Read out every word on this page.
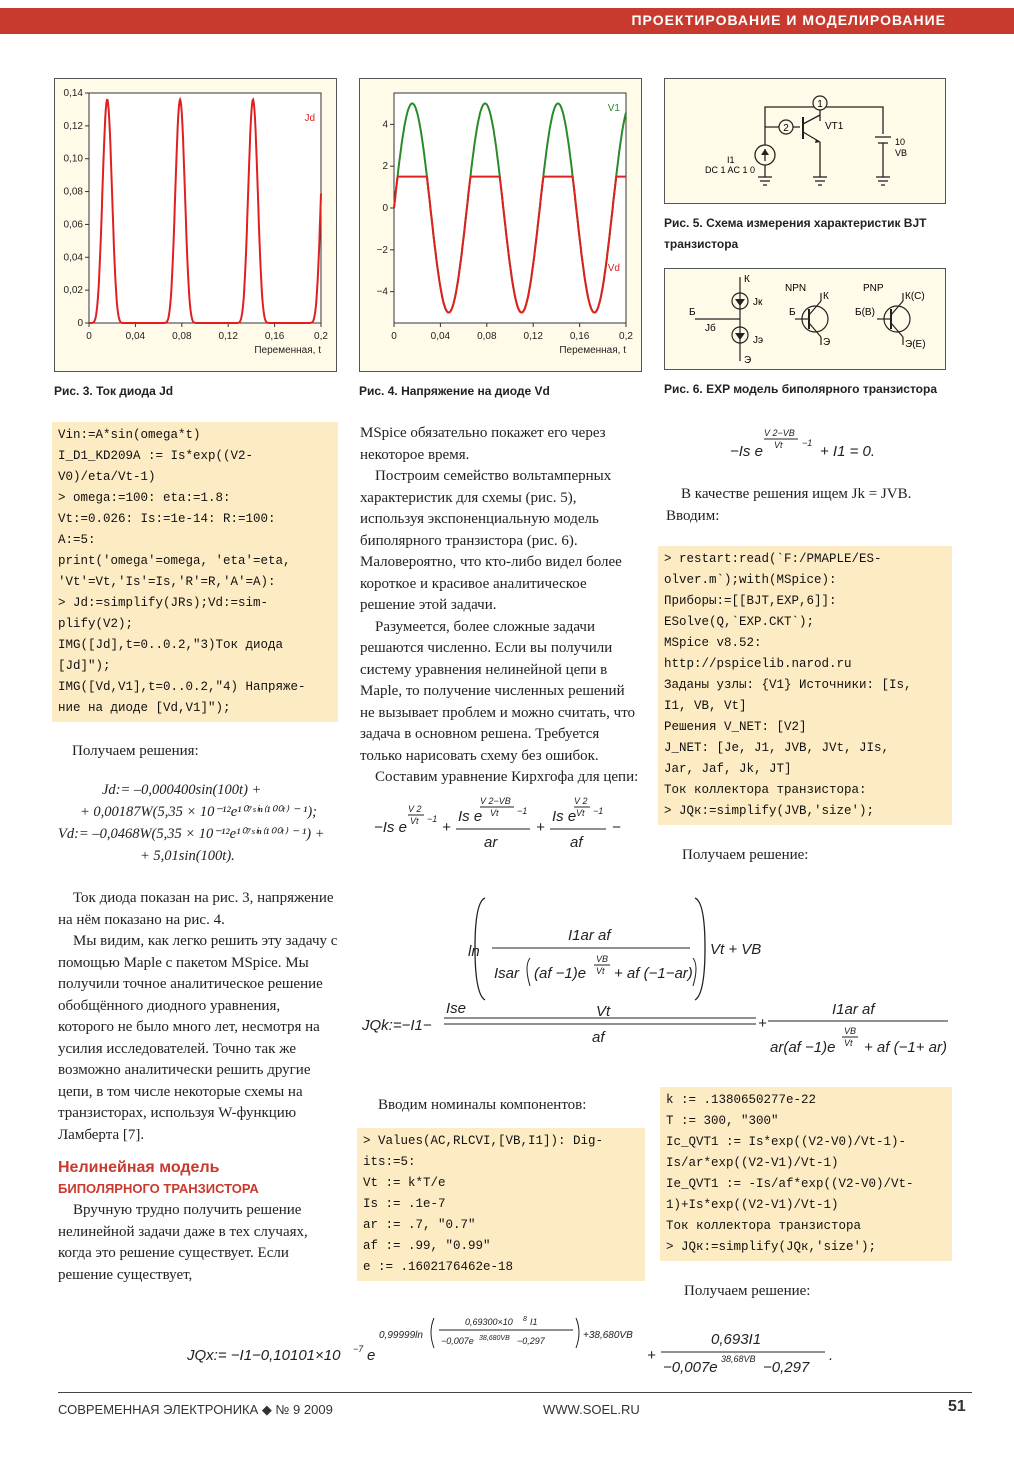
ПРОЕКТИРОВАНИЕ И МОДЕЛИРОВАНИЕ
0	0,04	0,08	0,12	0,16	0,2
0
0,02
0,04
0,06
0,08
0,10
0,12
0,14
Переменная, t
Jd
Рис. 3. Ток диода Jd
0	0,04	0,08	0,12	0,16	0,2
4
2
0
−2
−4
Переменная, t
V1
Vd
Рис. 4. Напряжение на диоде Vd
1
2	VT1
I1
DC 1 AC 1 0
10
VB
Рис. 5. Схема измерения характеристик BJT транзистора
К
Jк
Б
Jб
Jэ
Э
NPN
К
Б
Э
PNP
К(С)
Б(В)
Э(Е)
Рис. 6. EXP модель биполярного транзистора
Vin:=A*sin(omega*t)
I_D1_KD209A := Is*exp((V2-
V0)/eta/Vt-1)
> omega:=100: eta:=1.8:
Vt:=0.026: Is:=1e-14: R:=100:
A:=5:
print('omega'=omega, 'eta'=eta,
'Vt'=Vt,'Is'=Is,'R'=R,'A'=A):
> Jd:=simplify(JRs);Vd:=sim-
plify(V2);
IMG([Jd],t=0..0.2,"3)Ток диода
[Jd]");
IMG([Vd,V1],t=0..0.2,"4) Напряже-
ние на диоде [Vd,V1]");
Получаем решения:
Jd:= –0,000400sin(100t) +
+ 0,00187W(5,35 × 10⁻¹²e¹⁰⁷ˢⁱⁿ⁽¹⁰⁰ᵗ⁾ ⁻ ¹);
Vd:= –0,0468W(5,35 × 10⁻¹²e¹⁰⁷ˢⁱⁿ⁽¹⁰⁰ᵗ⁾ ⁻ ¹) +
+ 5,01sin(100t).

Ток диода показан на рис. 3, напряжение на нём показано на рис. 4.

Мы видим, как легко решить эту задачу с помощью Maple с пакетом MSpice. Мы получили точное аналитическое решение обобщённого диодного уравнения, которого не было много лет, несмотря на усилия исследователей. Точно так же возможно аналитически решить другие цепи, в том числе некоторые схемы на транзисторах, используя W-функцию Ламберта [7].

Нелинейная модель
БИПОЛЯРНОГО ТРАНЗИСТОРА

Вручную трудно получить решение нелинейной задачи даже в тех случаях, когда это решение существует. Если решение существует,

MSpice обязательно покажет его через некоторое время.

Построим семейство вольтамперных характеристик для схемы (рис. 5), используя экспоненциальную модель биполярного транзистора (рис. 6). Маловероятно, что кто-либо видел более короткое и красивое аналитическое решение этой задачи.

Разумеется, более сложные задачи решаются численно. Если вы получили систему уравнения нелинейной цепи в Maple, то получение численных решений не вызывает проблем и можно считать, что задача в основном решена. Требуется только нарисовать схему без ошибок.

Составим уравнение Кирхгофа для цепи:

−Is e
V 2
Vt −1 +
Is e
V 2−VB
Vt −1
ar
+
Is e
V 2
Vt −1
af
−
−Is e
V 2−VB
Vt −1 + I1 = 0.

В качестве решения ищем Jk = JVB. Вводим:

> restart:read(`F:/PMAPLE/ES-
olver.m`);with(MSpice):
Приборы:=[[BJT,EXP,6]]:
ESolve(Q,`EXP.CKT`);
MSpice v8.52:
http://pspicelib.narod.ru
Заданы узлы: {V1} Источники: [Is,
I1, VB, Vt]
Решения V_NET: [V2]
J_NET: [Je, J1, JVB, JVt, JIs,
Jar, Jaf, Jk, JT]
Ток коллектора транзистора:
> JQк:=simplify(JVB,'size');
Получаем решение:
JQk:=−I1−
Ise
ln
I1ar af
Isar (af −1)e
VB
Vt + af (−1−ar)
Vt + VB
Vt
af
+
I1ar af
ar(af −1)e
VB
Vt + af (−1+ ar)
Вводим номиналы компонентов:
> Values(AC,RLCVI,[VB,I1]): Dig-
its:=5:
Vt := k*T/e
Is := .1e-7
ar := .7, "0.7"
af := .99, "0.99"
e := .1602176462e-18
k := .1380650277e-22
T := 300, "300"
Ic_QVT1 := Is*exp((V2-V0)/Vt-1)-
Is/ar*exp((V2-V1)/Vt-1)
Ie_QVT1 := -Is/af*exp((V2-V0)/Vt-
1)+Is*exp((V2-V1)/Vt-1)
Ток коллектора транзистора
> JQк:=simplify(JQк,'size');
Получаем решение:
JQx:= −I1−0,10101×10 −7 e
0,99999ln
0,69300×10 8 I1
−0,007e 38,680VB −0,297	+38,680VB
+
0,693I1
−0,007e 38,68VB −0,297
.
СОВРЕМЕННАЯ ЭЛЕКТРОНИКА ◆ № 9 2009	WWW.SOEL.RU	51
